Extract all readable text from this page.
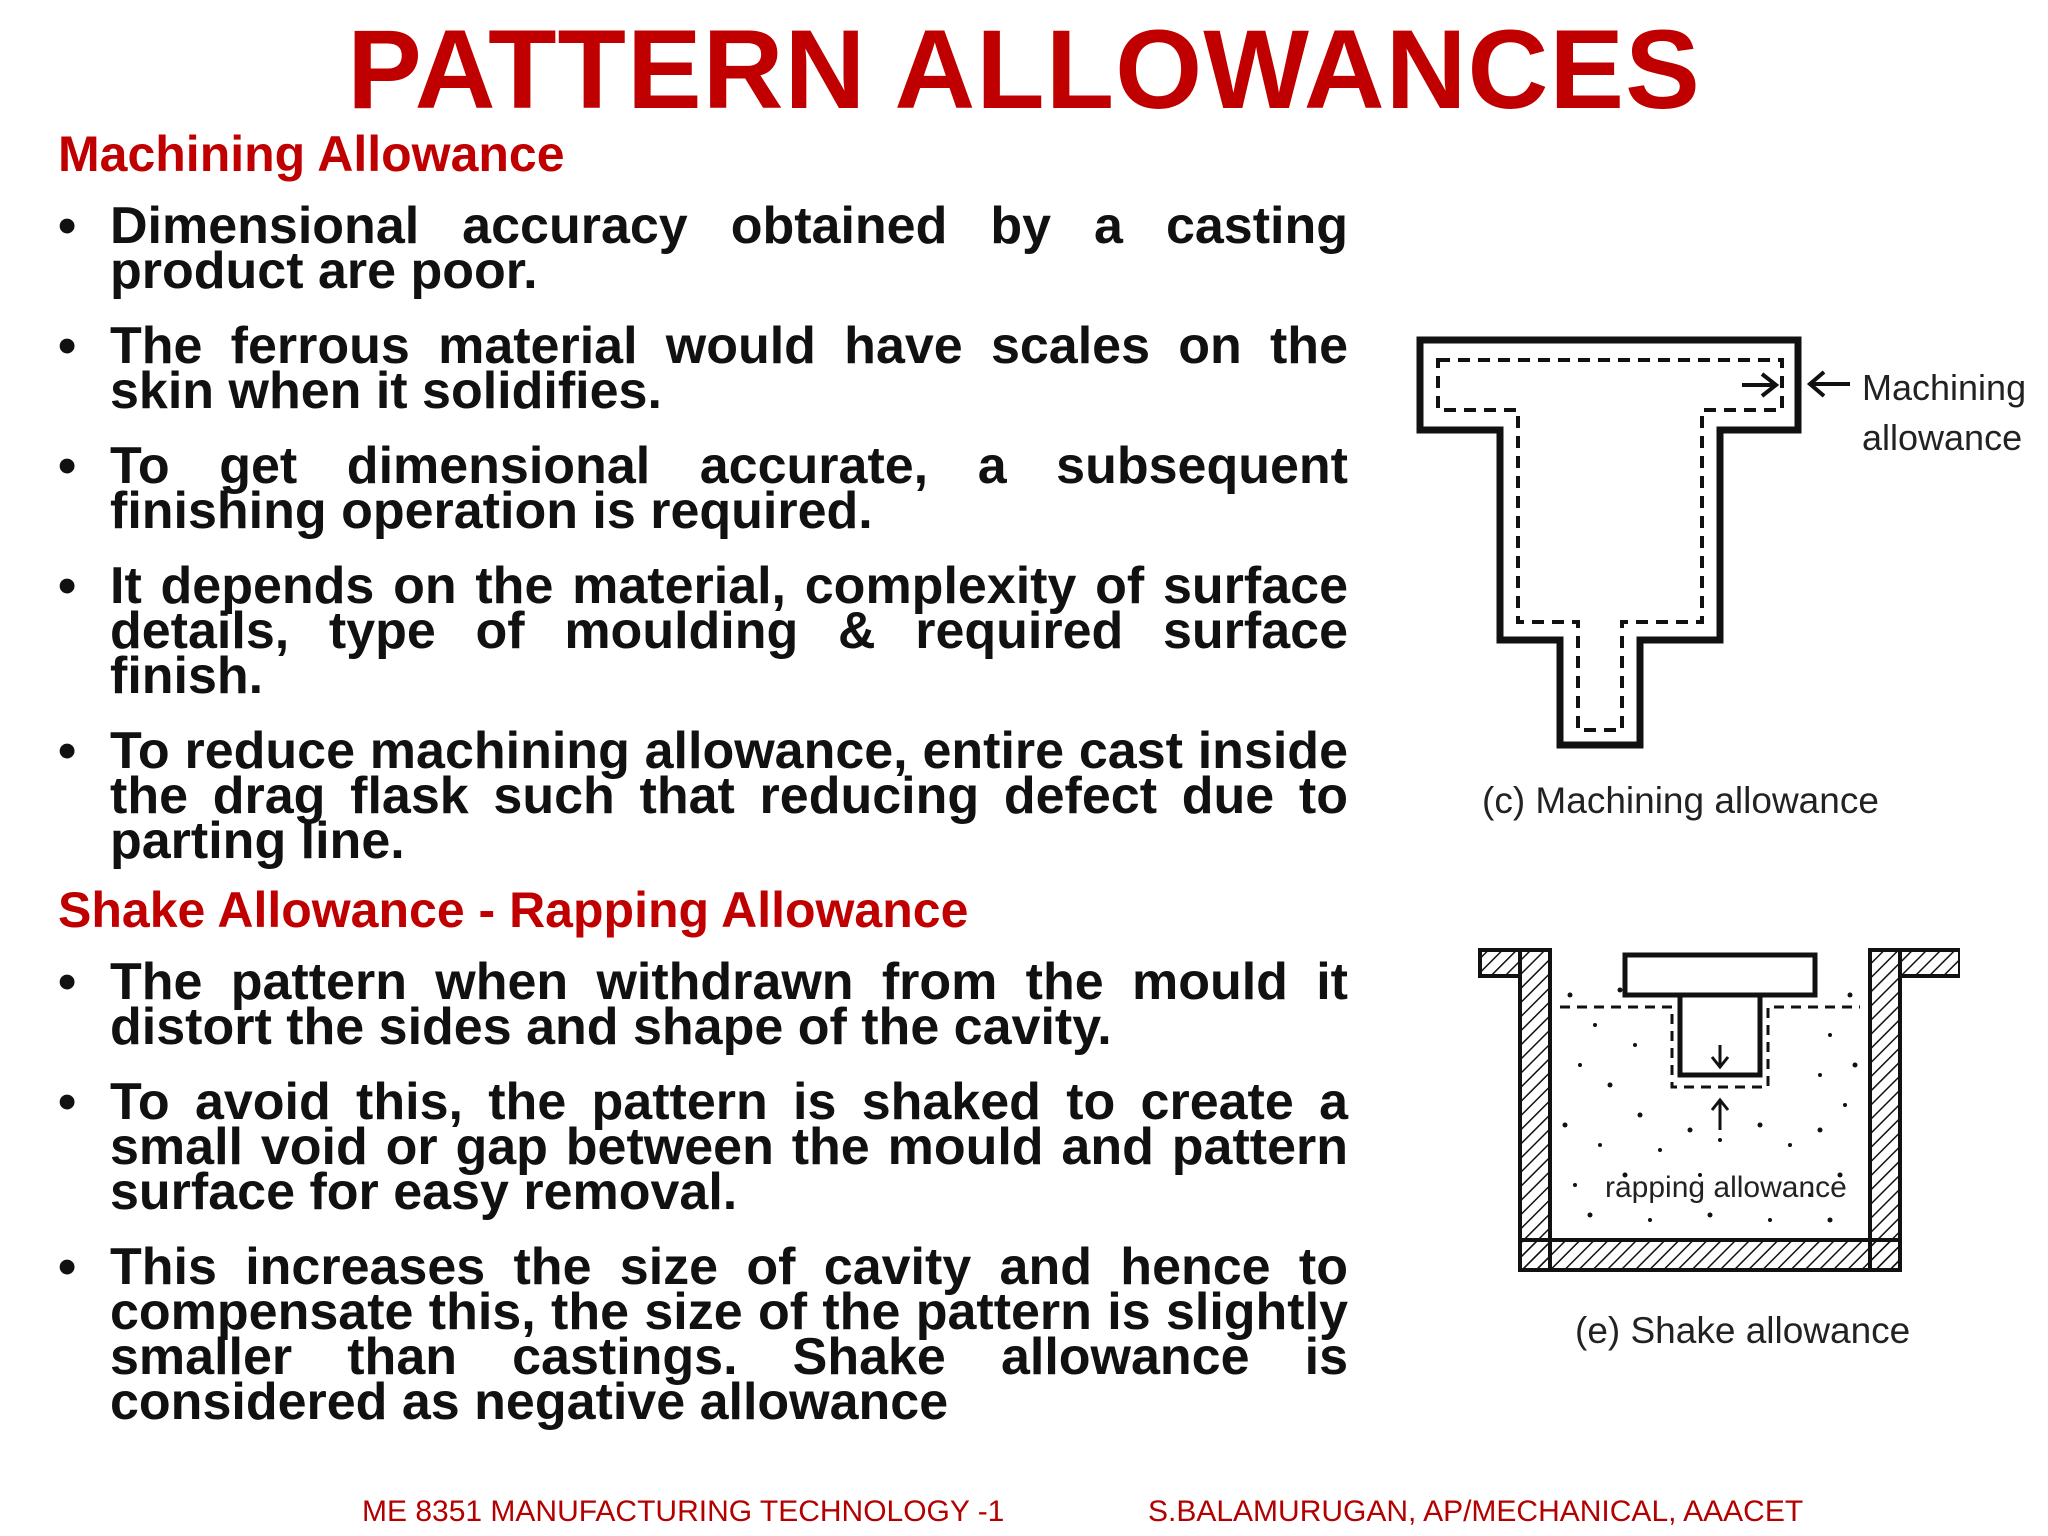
PATTERN ALLOWANCES
Machining Allowance
• Dimensional accuracy obtained by a casting product are poor.
• The ferrous material would have scales on the skin when it solidifies.
• To get dimensional accurate, a subsequent finishing operation is required.
• It depends on the material, complexity of surface details, type of moulding & required surface finish.
• To reduce machining allowance, entire cast inside the drag flask such that reducing defect due to parting line.
Shake Allowance - Rapping Allowance
• The pattern when withdrawn from the mould it distort the sides and shape of the cavity.
• To avoid this, the pattern is shaked to create a small void or gap between the mould and pattern surface for easy removal.
• This increases the size of cavity and hence to compensate this, the size of the pattern is slightly smaller than castings. Shake allowance is considered as negative allowance
Machining
allowance
(c) Machining allowance
rapping allowance
(e) Shake allowance
ME 8351 MANUFACTURING TECHNOLOGY -1	S.BALAMURUGAN, AP/MECHANICAL, AAACET
